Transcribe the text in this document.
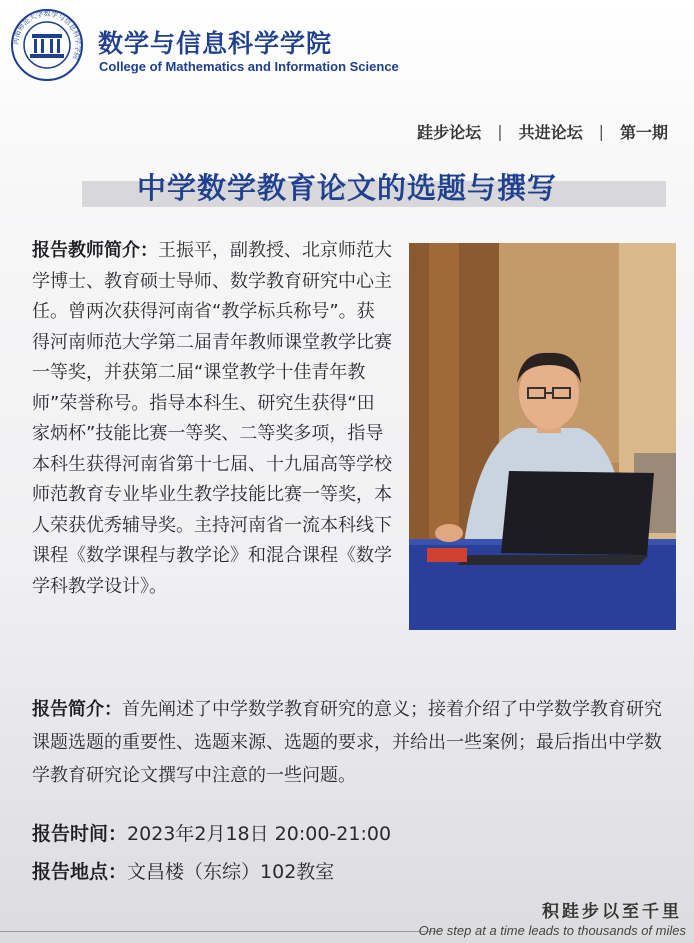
河南师范大学数学与信息科学学院 数学与信息科学学院
College of Mathematics and Information Science
跬步论坛 | 共进论坛 | 第一期
中学数学教育论文的选题与撰写
报告教师简介：王振平，副教授、北京师范大学博士、教育硕士导师、数学教育研究中心主任。曾两次获得河南省“教学标兵称号”。获得河南师范大学第二届青年教师课堂教学比赛一等奖，并获第二届“课堂教学十佳青年教师”荣誉称号。指导本科生、研究生获得“田家炳杯”技能比赛一等奖、二等奖多项，指导本科生获得河南省第十七届、十九届高等学校师范教育专业毕业生教学技能比赛一等奖，本人荣获优秀辅导奖。主持河南省一流本科线下课程《数学课程与教学论》和混合课程《数学学科教学设计》。
报告简介：首先阐述了中学数学教育研究的意义；接着介绍了中学数学教育研究课题选题的重要性、选题来源、选题的要求，并给出一些案例；最后指出中学数学教育研究论文撰写中注意的一些问题。
报告时间：2023年2月18日 20:00-21:00
报告地点：文昌楼（东综）102教室
积跬步以至千里
One step at a time leads to thousands of miles
